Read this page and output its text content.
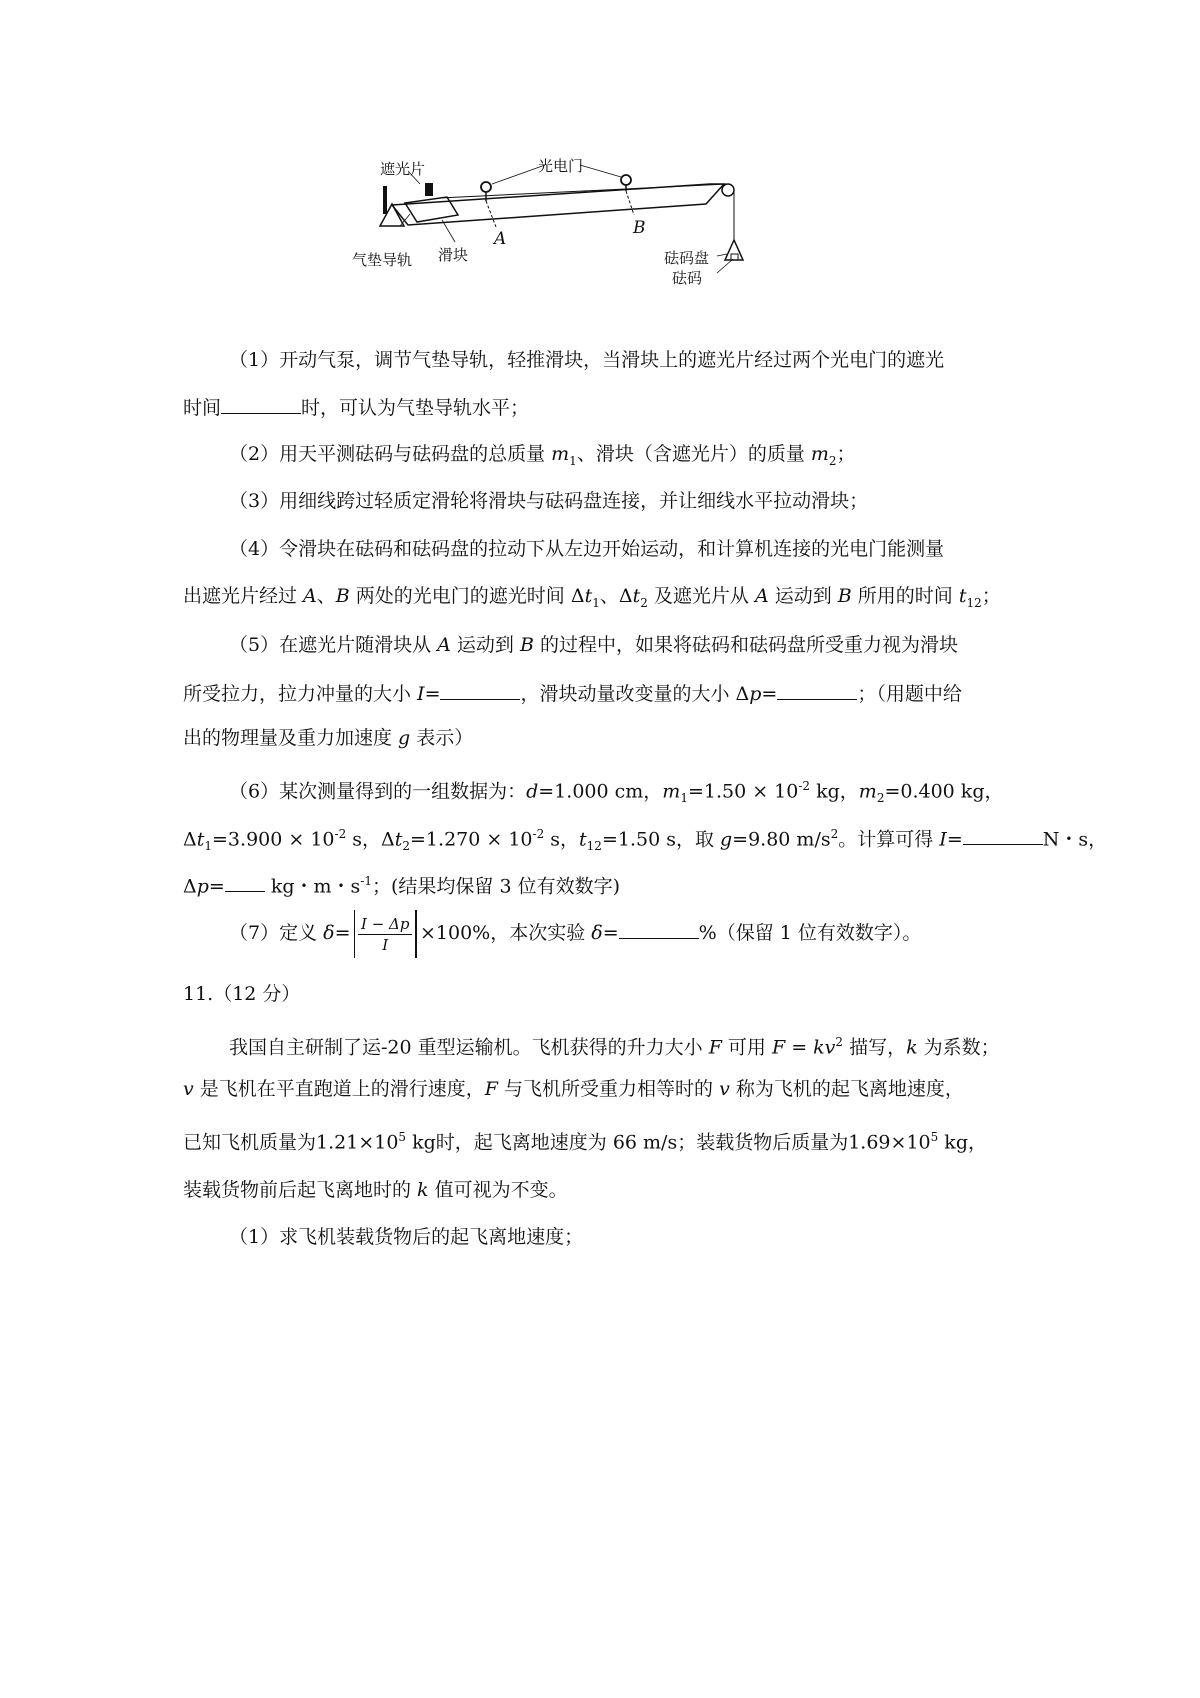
遮光片	光电门
气垫导轨 滑块
A
B
砝码盘
砝码
（1）开动气泵，调节气垫导轨，轻推滑块，当滑块上的遮光片经过两个光电门的遮光
时间	时，可认为气垫导轨水平；
（2）用天平测砝码与砝码盘的总质量 $m_1$、滑块（含遮光片）的质量 $m_2$；
（3）用细线跨过轻质定滑轮将滑块与砝码盘连接，并让细线水平拉动滑块；
（4）令滑块在砝码和砝码盘的拉动下从左边开始运动，和计算机连接的光电门能测量
出遮光片经过 A、B 两处的光电门的遮光时间 $\Delta t_1$、$\Delta t_2$ 及遮光片从 A 运动到 B 所用的时间 $t_{12}$；
（5）在遮光片随滑块从 A 运动到 B 的过程中，如果将砝码和砝码盘所受重力视为滑块
所受拉力，拉力冲量的大小 I=	，滑块动量改变量的大小 Δp=	；（用题中给
出的物理量及重力加速度 g 表示）
（6）某次测量得到的一组数据为：d=1.000 cm，$m_1=1.50 \times 10^{-2}$ kg，$m_2=0.400$ kg，
$\Delta t_1=3.900 \times 10^{-2}$ s，$\Delta t_2=1.270 \times 10^{-2}$ s，$t_{12}=1.50$ s，取 g=9.80 $m/s^2$。计算可得 I=	N・s，
Δp= kg・m・$s^{-1}$；(结果均保留 3 位有效数字)
（7）定义 $\delta= \frac{I - \Delta p}{I} \times 100\%$，本次实验 δ=	%（保留 1 位有效数字）。
11.（12 分）
我国自主研制了运-20 重型运输机。飞机获得的升力大小 F 可用 $F = kv^2$ 描写，k 为系数；
v 是飞机在平直跑道上的滑行速度，F 与飞机所受重力相等时的 v 称为飞机的起飞离地速度，
已知飞机质量为$1.21\times 10^5$ kg时，起飞离地速度为 66 m/s；装载货物后质量为$1.69\times 10^5$ kg，
装载货物前后起飞离地时的 k 值可视为不变。
（1）求飞机装载货物后的起飞离地速度；
